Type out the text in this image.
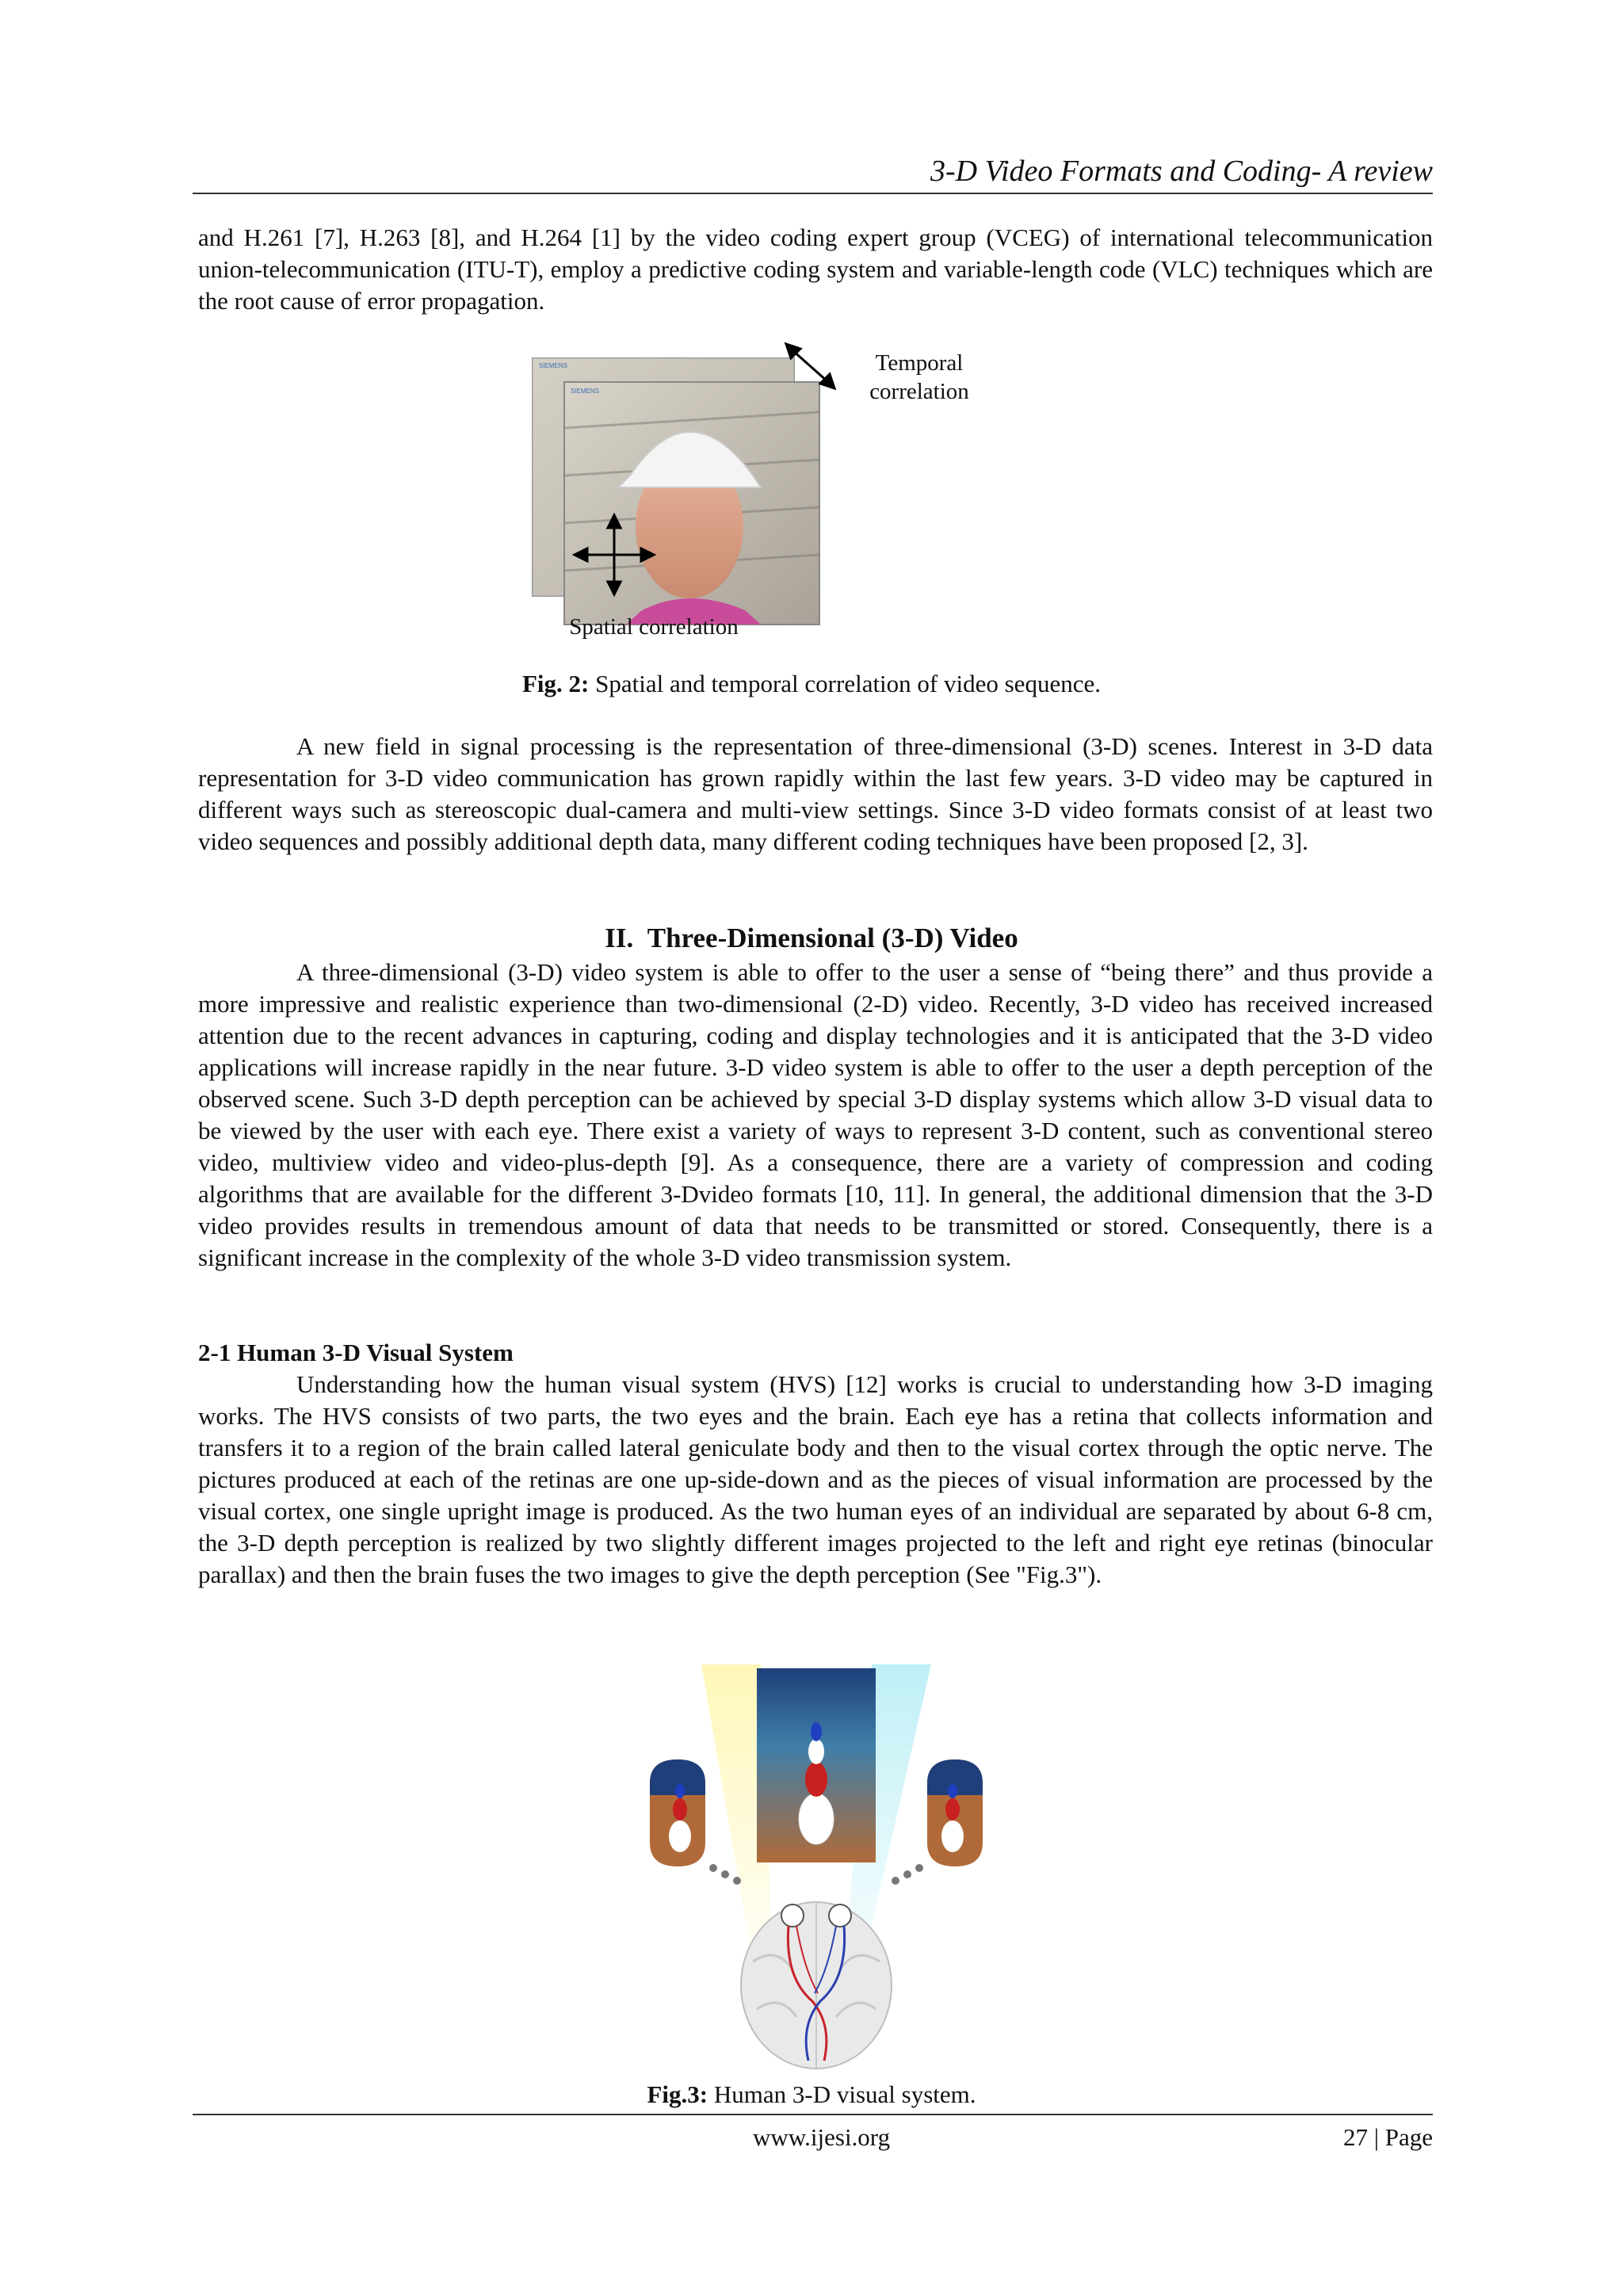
3-D Video Formats and Coding- A review
and H.261 [7], H.263 [8], and H.264 [1] by the video coding expert group (VCEG) of international telecommunication union-telecommunication (ITU-T), employ a predictive coding system and variable-length code (VLC) techniques which are the root cause of error propagation.
SIEMENS
SIEMENS
Temporal
correlation
Spatial correlation
Fig. 2: Spatial and temporal correlation of video sequence.
A new field in signal processing is the representation of three-dimensional (3-D) scenes. Interest in 3-D data representation for 3-D video communication has grown rapidly within the last few years. 3-D video may be captured in different ways such as stereoscopic dual-camera and multi-view settings. Since 3-D video formats consist of at least two video sequences and possibly additional depth data, many different coding techniques have been proposed [2, 3].
II. Three-Dimensional (3-D) Video
A three-dimensional (3-D) video system is able to offer to the user a sense of “being there” and thus provide a more impressive and realistic experience than two-dimensional (2-D) video. Recently, 3-D video has received increased attention due to the recent advances in capturing, coding and display technologies and it is anticipated that the 3-D video applications will increase rapidly in the near future. 3-D video system is able to offer to the user a depth perception of the observed scene. Such 3-D depth perception can be achieved by special 3-D display systems which allow 3-D visual data to be viewed by the user with each eye. There exist a variety of ways to represent 3-D content, such as conventional stereo video, multiview video and video-plus-depth [9]. As a consequence, there are a variety of compression and coding algorithms that are available for the different 3-Dvideo formats [10, 11]. In general, the additional dimension that the 3-D video provides results in tremendous amount of data that needs to be transmitted or stored. Consequently, there is a significant increase in the complexity of the whole 3-D video transmission system.
2-1 Human 3-D Visual System
Understanding how the human visual system (HVS) [12] works is crucial to understanding how 3-D imaging works. The HVS consists of two parts, the two eyes and the brain. Each eye has a retina that collects information and transfers it to a region of the brain called lateral geniculate body and then to the visual cortex through the optic nerve. The pictures produced at each of the retinas are one up-side-down and as the pieces of visual information are processed by the visual cortex, one single upright image is produced. As the two human eyes of an individual are separated by about 6-8 cm, the 3-D depth perception is realized by two slightly different images projected to the left and right eye retinas (binocular parallax) and then the brain fuses the two images to give the depth perception (See "Fig.3").
Fig.3: Human 3-D visual system.
www.ijesi.org	27 | Page
